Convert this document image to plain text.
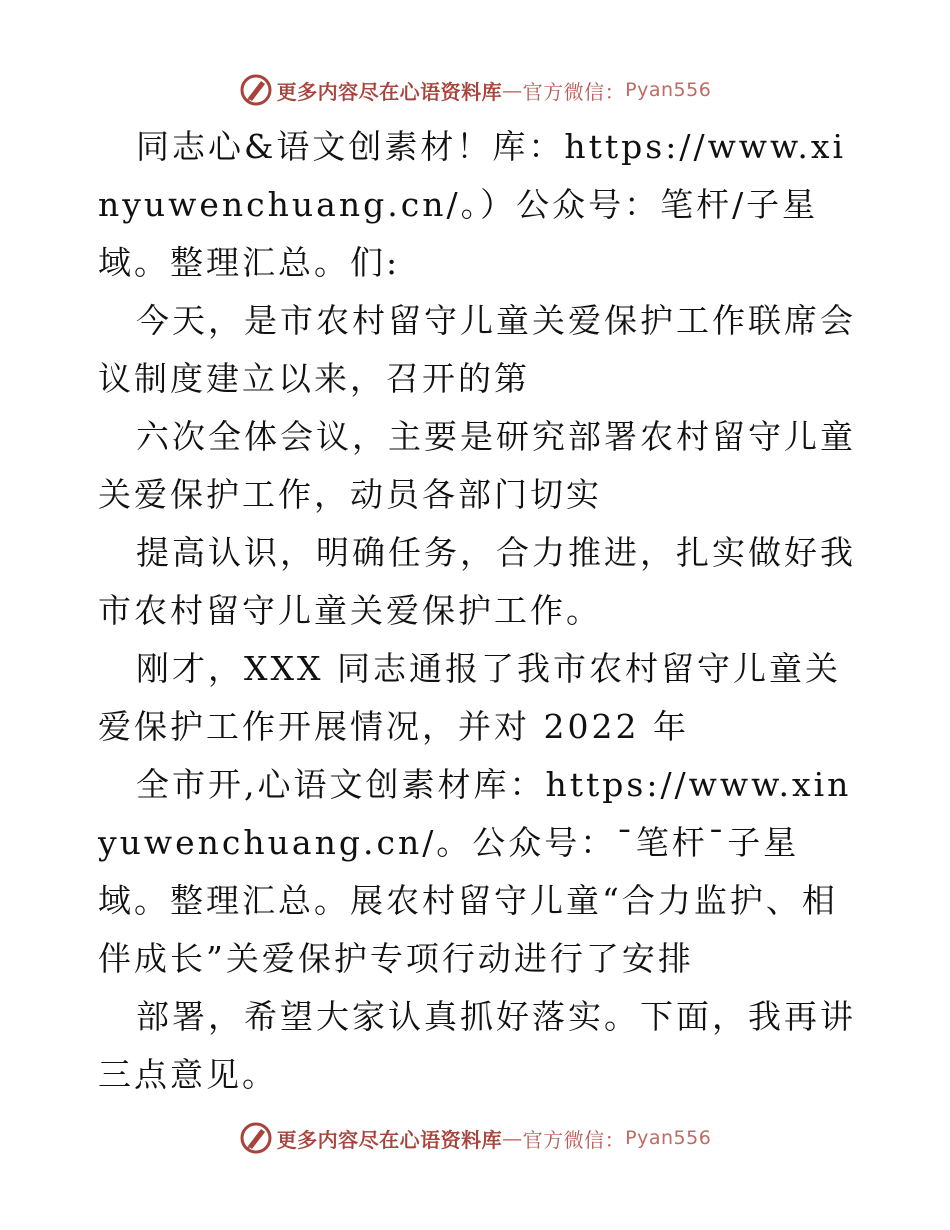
更多内容尽在心语资料库 — 官方微信： Pyan556

同志心&语文创素材！库：https://www.xinyuwenchuang.cn/。）公众号：笔杆/子星域。整理汇总。们:

今天，是市农村留守儿童关爱保护工作联席会议制度建立以来，召开的第

六次全体会议，主要是研究部署农村留守儿童关爱保护工作，动员各部门切实

提高认识，明确任务，合力推进，扎实做好我市农村留守儿童关爱保护工作。

刚才，XXX 同志通报了我市农村留守儿童关爱保护工作开展情况，并对 2022 年

全市开,心语文创素材库：https://www.xinyuwenchuang.cn/。公众号：¯笔杆¯子星域。整理汇总。展农村留守儿童“合力监护、相伴成长”关爱保护专项行动进行了安排

部署，希望大家认真抓好落实。下面，我再讲三点意见。

更多内容尽在心语资料库 — 官方微信： Pyan556
